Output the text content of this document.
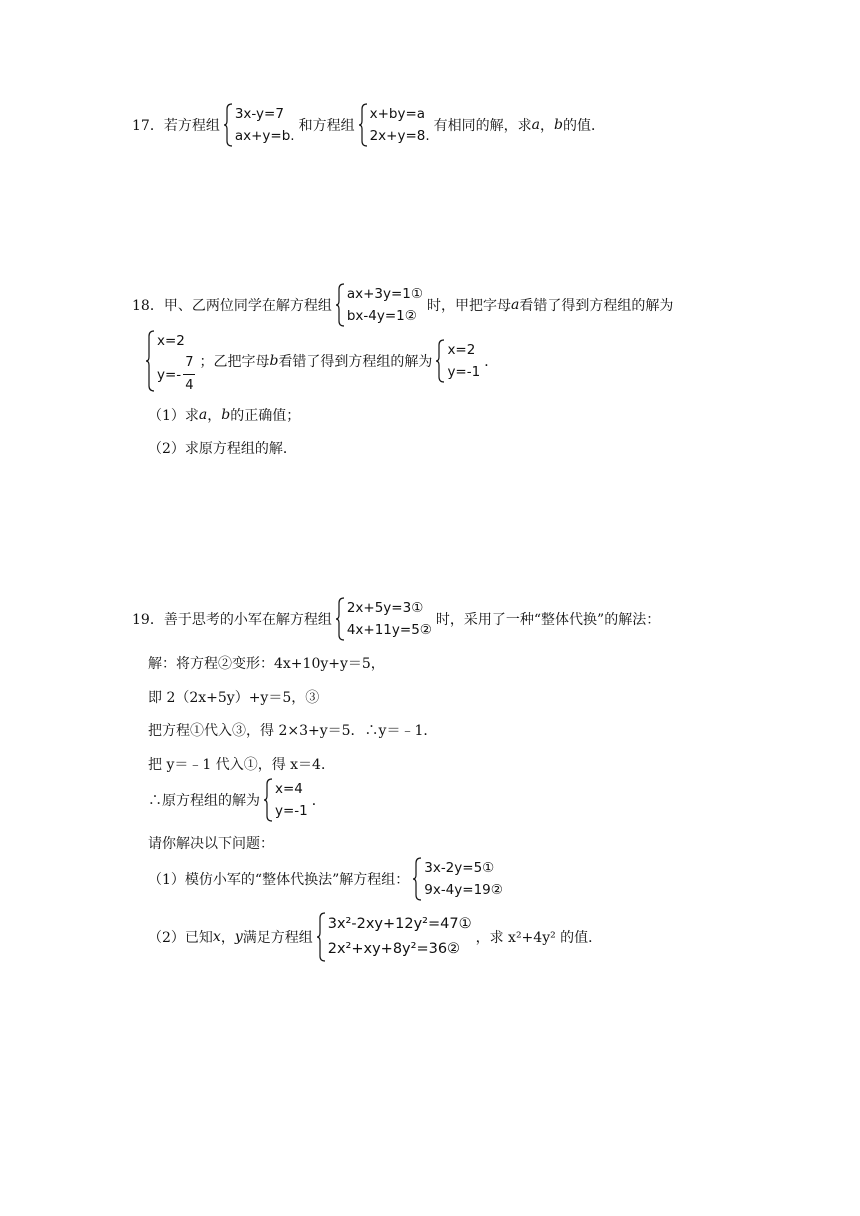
17． 若方程组
3x-y=7
ax+y=b.
和方程组
x+by=a
2x+y=8.
有相同的解，求 a ， b 的值．
18． 甲、乙两位同学在解方程组
ax+3y=1①
bx-4y=1②
时，甲把字母 a 看错了得到方程组的解为
x=2
$y=- \frac{7}{4}$ ；乙把字母 b 看错了得到方程组的解为
x=2
y=-1
．
（1）求 a ， b 的正确值；
（2）求原方程组的解．
19． 善于思考的小军在解方程组
2x+5y=3①
4x+11y=5②
时，采用了一种“整体代换”的解法：
解：将方程②变形：4x+10y+y＝5，
即 2（2x+5y）+y＝5，③
把方程①代入③，得 2×3+y＝5．∴y＝﹣1．
把 y＝﹣1 代入①，得 x＝4．
∴原方程组的解为
x=4
y=-1
．
请你解决以下问题：
（1）模仿小军的“整体代换法”解方程组：
3x-2y=5①
9x-4y=19②
（2）已知 x ， y 满足方程组
3x²-2xy+12y²=47①
2x²+xy+8y²=36②
，求 x²+4y² 的值．
